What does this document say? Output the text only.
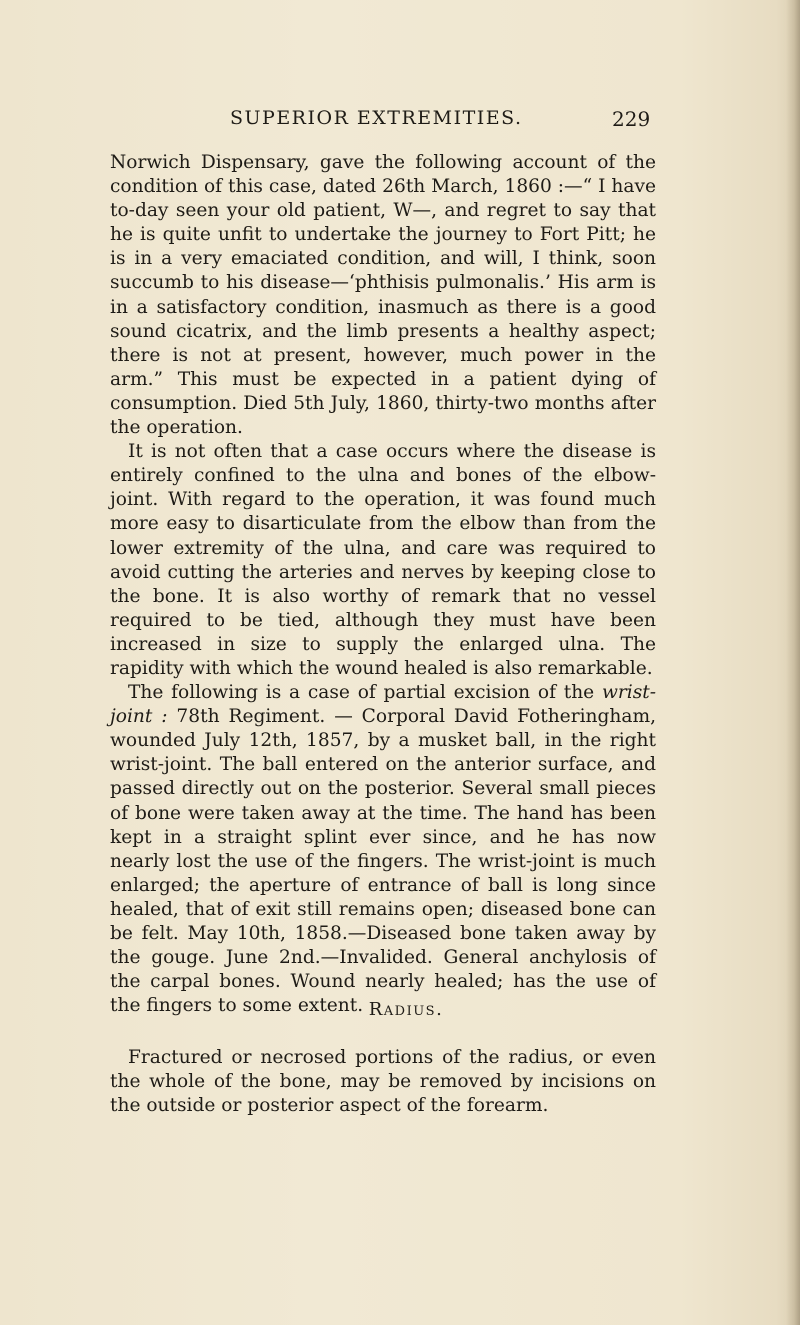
SUPERIOR EXTREMITIES.	229

Norwich Dispensary, gave the following account of the condition of this case, dated 26th March, 1860 :—“ I have to-day seen your old patient, W—, and regret to say that he is quite unfit to undertake the journey to Fort Pitt; he is in a very emaciated condition, and will, I think, soon succumb to his disease—‘phthisis pulmonalis.’ His arm is in a satisfactory condition, inasmuch as there is a good sound cicatrix, and the limb presents a healthy aspect; there is not at present, however, much power in the arm.” This must be expected in a patient dying of consumption. Died 5th July, 1860, thirty-two months after the operation.

It is not often that a case occurs where the disease is entirely confined to the ulna and bones of the elbow-joint. With regard to the operation, it was found much more easy to disarticulate from the elbow than from the lower extremity of the ulna, and care was required to avoid cutting the arteries and nerves by keeping close to the bone. It is also worthy of remark that no vessel required to be tied, although they must have been increased in size to supply the enlarged ulna. The rapidity with which the wound healed is also remarkable.

The following is a case of partial excision of the wrist-joint : 78th Regiment. — Corporal David Fotheringham, wounded July 12th, 1857, by a musket ball, in the right wrist-joint. The ball entered on the anterior surface, and passed directly out on the posterior. Several small pieces of bone were taken away at the time. The hand has been kept in a straight splint ever since, and he has now nearly lost the use of the fingers. The wrist-joint is much enlarged; the aperture of entrance of ball is long since healed, that of exit still remains open; diseased bone can be felt. May 10th, 1858.—Diseased bone taken away by the gouge. June 2nd.—Invalided. General anchylosis of the carpal bones. Wound nearly healed; has the use of the fingers to some extent. Radius.

Fractured or necrosed portions of the radius, or even the whole of the bone, may be removed by incisions on the outside or posterior aspect of the forearm.
